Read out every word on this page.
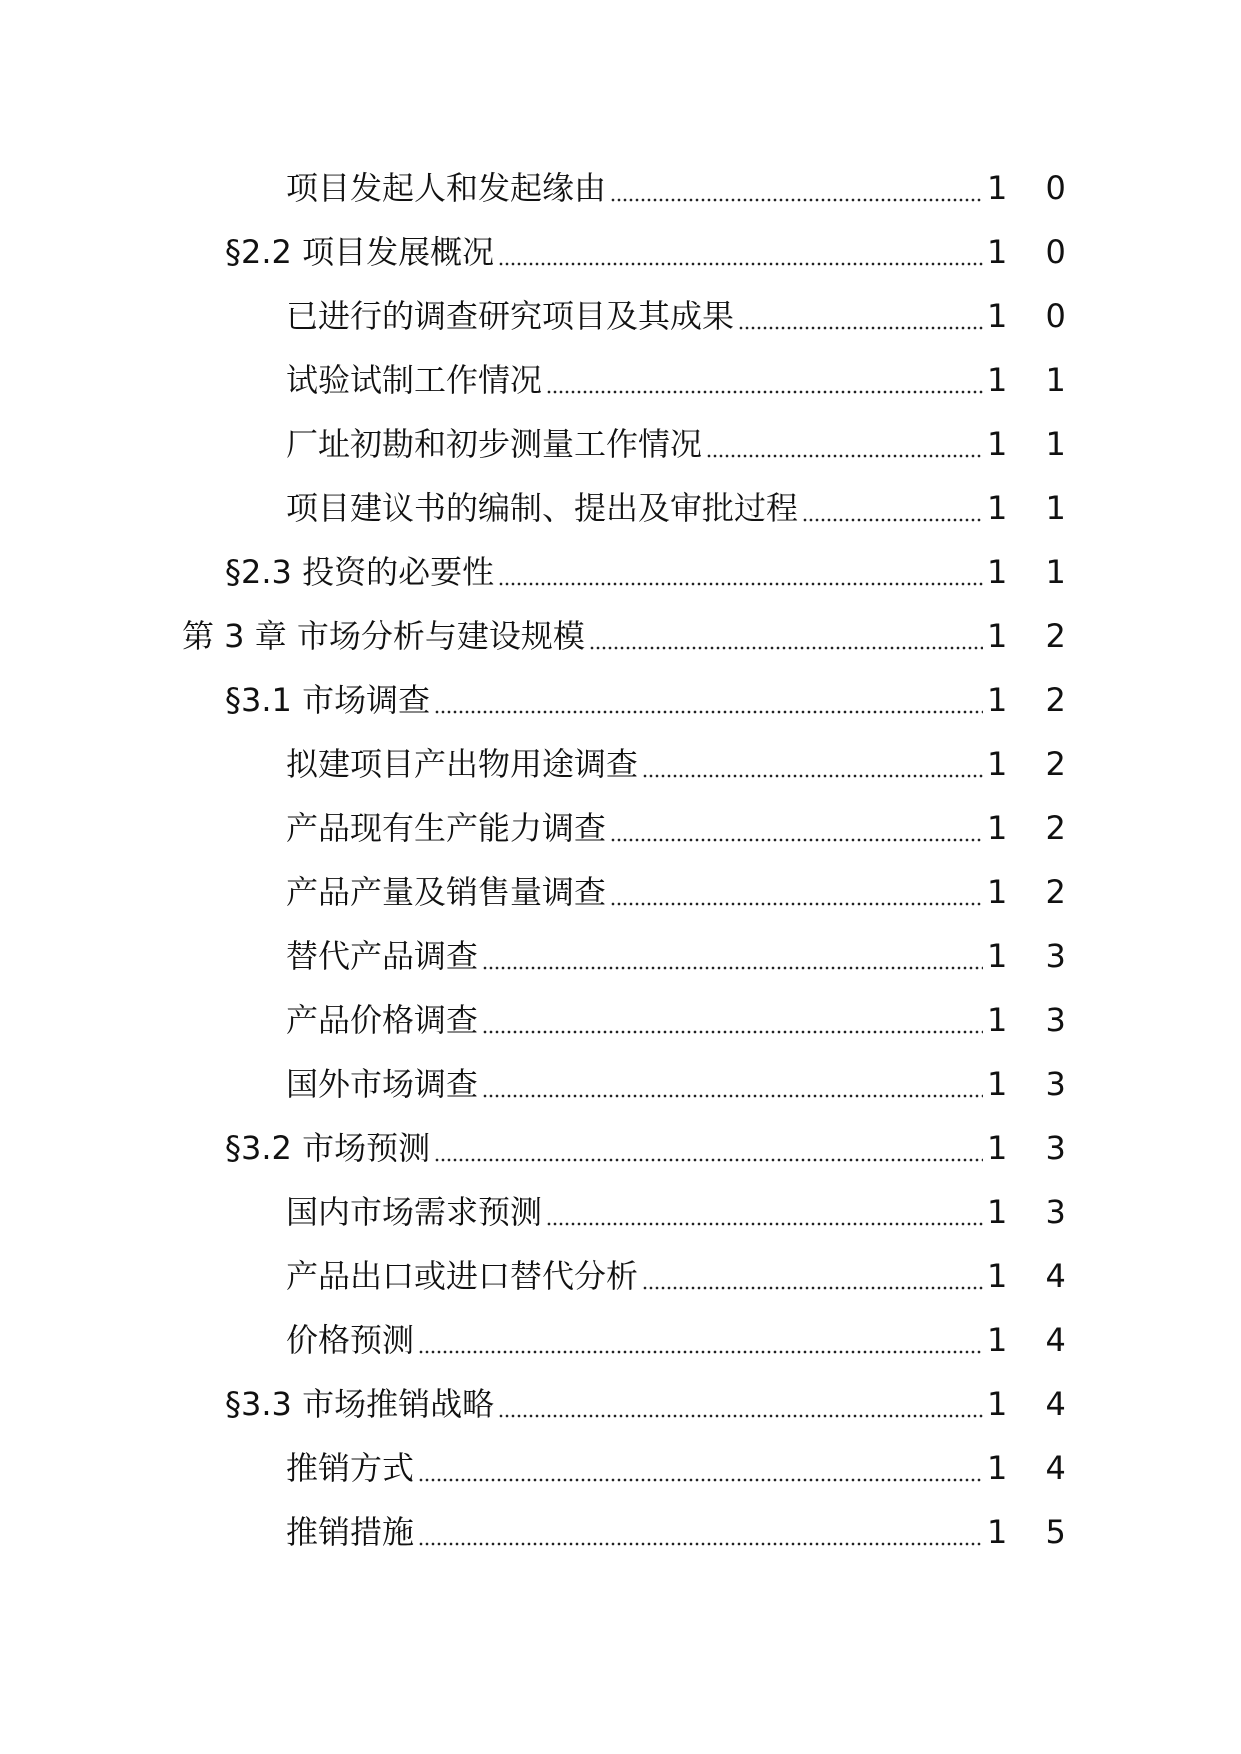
项目发起人和发起缘由	1 0
§2.2 项目发展概况	1 0
已进行的调查研究项目及其成果	1 0
试验试制工作情况	1 1
厂址初勘和初步测量工作情况	1 1
项目建议书的编制、提出及审批过程	1 1
§2.3 投资的必要性	1 1
第 3 章 市场分析与建设规模	1 2
§3.1 市场调查	1 2
拟建项目产出物用途调查	1 2
产品现有生产能力调查	1 2
产品产量及销售量调查	1 2
替代产品调查	1 3
产品价格调查	1 3
国外市场调查	1 3
§3.2 市场预测	1 3
国内市场需求预测	1 3
产品出口或进口替代分析	1 4
价格预测	1 4
§3.3 市场推销战略	1 4
推销方式	1 4
推销措施	1 5
